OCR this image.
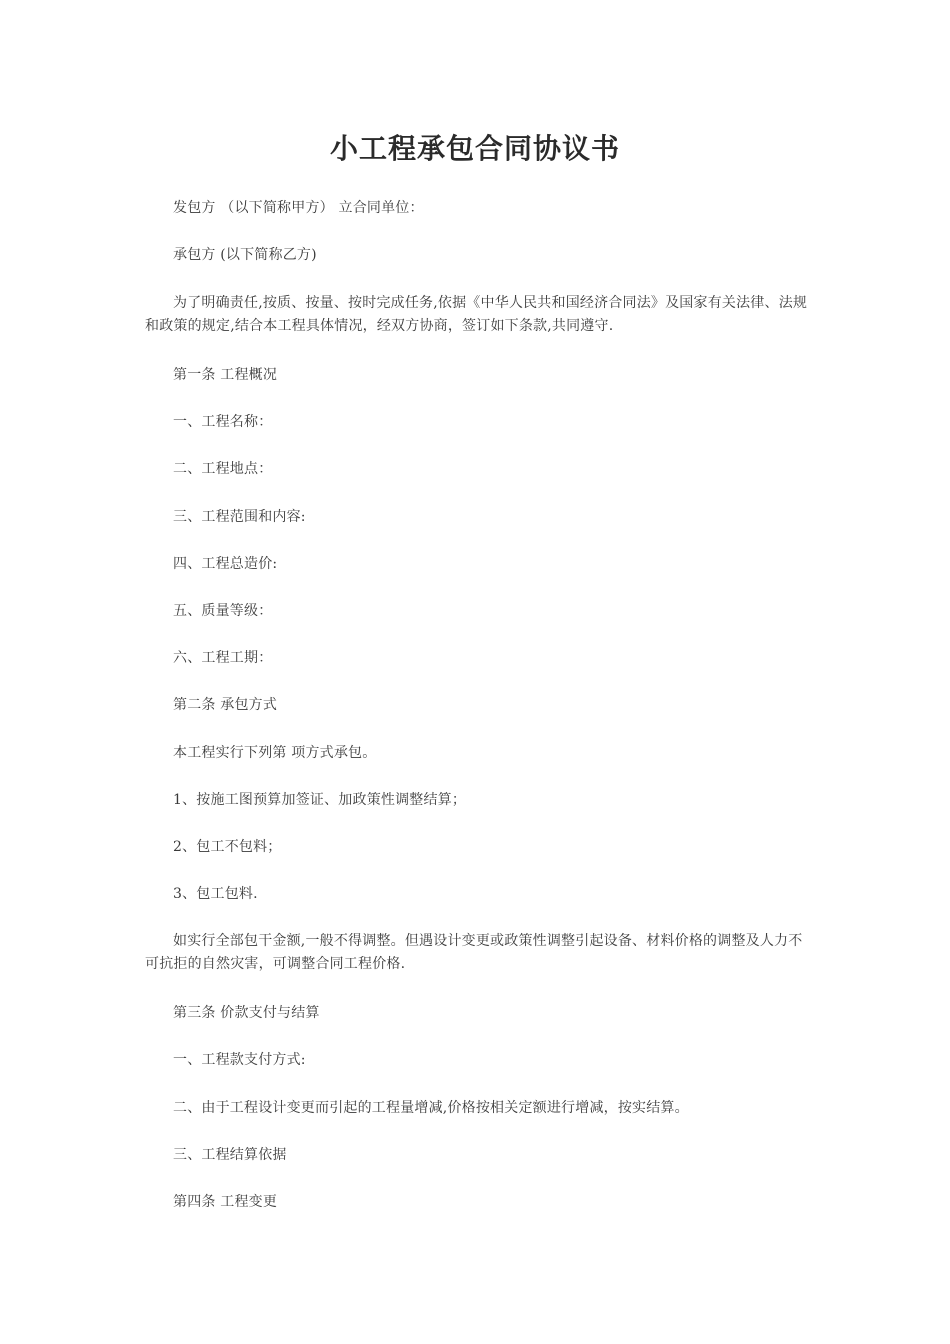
小工程承包合同协议书
发包方 （以下简称甲方） 立合同单位：
承包方 (以下简称乙方)
为了明确责任,按质、按量、按时完成任务,依据《中华人民共和国经济合同法》及国家有关法律、法规和政策的规定,结合本工程具体情况，经双方协商，签订如下条款,共同遵守.
第一条 工程概况
一、工程名称：
二、工程地点：
三、工程范围和内容:
四、工程总造价:
五、质量等级：
六、工程工期：
第二条 承包方式
本工程实行下列第 项方式承包。
1、按施工图预算加签证、加政策性调整结算；
2、包工不包料；
3、包工包料.
如实行全部包干金额,一般不得调整。但遇设计变更或政策性调整引起设备、材料价格的调整及人力不可抗拒的自然灾害，可调整合同工程价格.
第三条 价款支付与结算
一、工程款支付方式:
二、由于工程设计变更而引起的工程量增减,价格按相关定额进行增减，按实结算。
三、工程结算依据
第四条 工程变更
